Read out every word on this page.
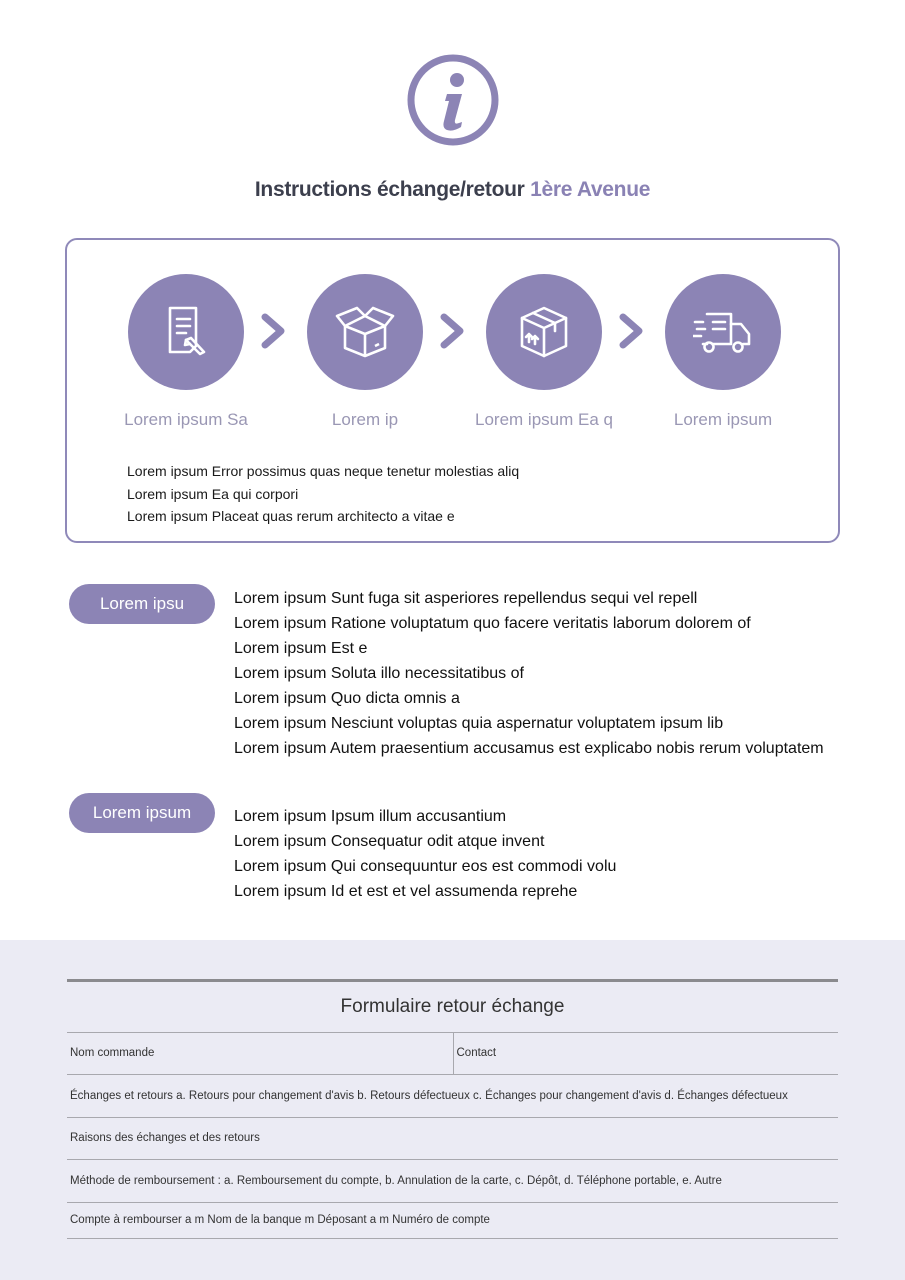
Instructions échange/retour 1ère Avenue
Lorem ipsum Sa	Lorem ip	Lorem ipsum Ea q	Lorem ipsum
Lorem ipsum Error possimus quas neque tenetur molestias aliq
Lorem ipsum Ea qui corpori
Lorem ipsum Placeat quas rerum architecto a vitae e
Lorem ipsu	Lorem ipsum Sunt fuga sit asperiores repellendus sequi vel repell
Lorem ipsum Ratione voluptatum quo facere veritatis laborum dolorem of
Lorem ipsum Est e
Lorem ipsum Soluta illo necessitatibus of
Lorem ipsum Quo dicta omnis a
Lorem ipsum Nesciunt voluptas quia aspernatur voluptatem ipsum lib
Lorem ipsum Autem praesentium accusamus est explicabo nobis rerum voluptatem
Lorem ipsum	Lorem ipsum Ipsum illum accusantium
Lorem ipsum Consequatur odit atque invent
Lorem ipsum Qui consequuntur eos est commodi volu
Lorem ipsum Id et est et vel assumenda reprehe
Formulaire retour échange
Nom commande	Contact
Échanges et retours a. Retours pour changement d'avis b. Retours défectueux c. Échanges pour changement d'avis d. Échanges défectueux
Raisons des échanges et des retours
Méthode de remboursement : a. Remboursement du compte, b. Annulation de la carte, c. Dépôt, d. Téléphone portable, e. Autre
Compte à rembourser a m Nom de la banque m Déposant a m Numéro de compte
